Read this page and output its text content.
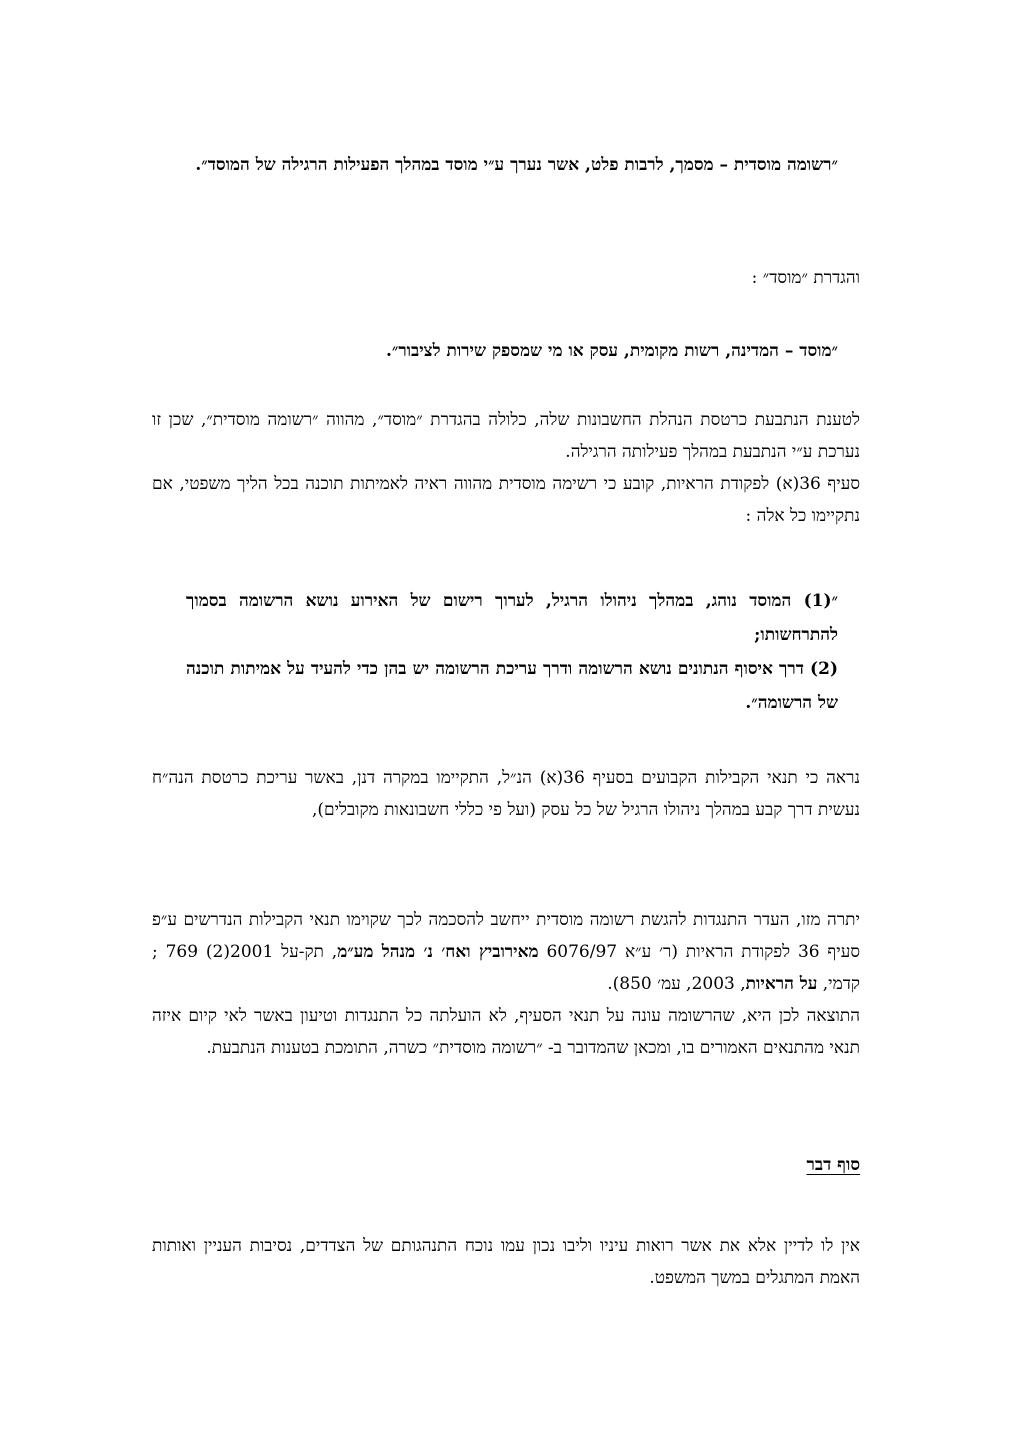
״רשומה מוסדית – מסמך, לרבות פלט, אשר נערך ע״י מוסד במהלך הפעילות הרגילה של המוסד״.

והגדרת ״מוסד״ :

״מוסד – המדינה, רשות מקומית, עסק או מי שמספק שירות לציבור״.

לטענת הנתבעת כרטסת הנהלת החשבונות שלה, כלולה בהגדרת ״מוסד״, מהווה ״רשומה מוסדית״, שכן זו נערכת ע״י הנתבעת במהלך פעילותה הרגילה.

סעיף 36(א) לפקודת הראיות, קובע כי רשימה מוסדית מהווה ראיה לאמיתות תוכנה בכל הליך משפטי, אם נתקיימו כל אלה :

״(1) המוסד נוהג, במהלך ניהולו הרגיל, לערוך רישום של האירוע נושא הרשומה בסמוך להתרחשותו;

(2) דרך איסוף הנתונים נושא הרשומה ודרך עריכת הרשומה יש בהן כדי להעיד על אמיתות תוכנה של הרשומה״.

נראה כי תנאי הקבילות הקבועים בסעיף 36(א) הנ״ל, התקיימו במקרה דנן, באשר עריכת כרטסת הנה״ח נעשית דרך קבע במהלך ניהולו הרגיל של כל עסק (ועל פי כללי חשבונאות מקובלים),

יתרה מזו, העדר התנגדות להגשת רשומה מוסדית ייחשב להסכמה לכך שקוימו תנאי הקבילות הנדרשים ע״פ סעיף 36 לפקודת הראיות (ר׳ ע״א 6076/97 מאירוביץ ואח׳ נ׳ מנהל מע״מ, תק-על 2001(2) 769 ; קדמי, על הראיות, 2003, עמ׳ 850).

התוצאה לכן היא, שהרשומה עונה על תנאי הסעיף, לא הועלתה כל התנגדות וטיעון באשר לאי קיום איזה תנאי מהתנאים האמורים בו, ומכאן שהמדובר ב- ״רשומה מוסדית״ כשרה, התומכת בטענות הנתבעת.

סוף דבר

אין לו לדיין אלא את אשר רואות עיניו וליבו נכון עמו נוכח התנהגותם של הצדדים, נסיבות העניין ואותות האמת המתגלים במשך המשפט.
